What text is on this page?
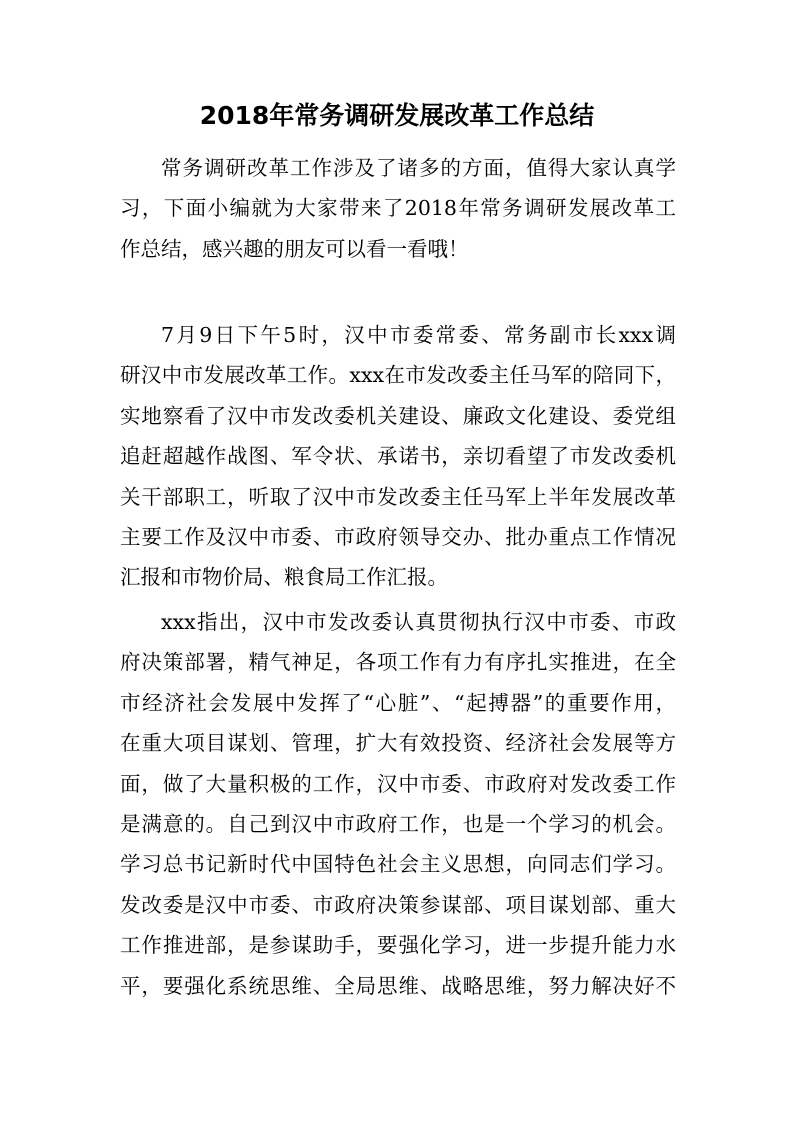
2018年常务调研发展改革工作总结
常务调研改革工作涉及了诸多的方面，值得大家认真学
习，下面小编就为大家带来了2018年常务调研发展改革工
作总结，感兴趣的朋友可以看一看哦！
7月9日下午5时，汉中市委常委、常务副市长xxx调
研汉中市发展改革工作。xxx在市发改委主任马军的陪同下，
实地察看了汉中市发改委机关建设、廉政文化建设、委党组
追赶超越作战图、军令状、承诺书，亲切看望了市发改委机
关干部职工，听取了汉中市发改委主任马军上半年发展改革
主要工作及汉中市委、市政府领导交办、批办重点工作情况
汇报和市物价局、粮食局工作汇报。
xxx指出，汉中市发改委认真贯彻执行汉中市委、市政
府决策部署，精气神足，各项工作有力有序扎实推进，在全
市经济社会发展中发挥了“心脏”、“起搏器”的重要作用，
在重大项目谋划、管理，扩大有效投资、经济社会发展等方
面，做了大量积极的工作，汉中市委、市政府对发改委工作
是满意的。自己到汉中市政府工作，也是一个学习的机会。
学习总书记新时代中国特色社会主义思想，向同志们学习。
发改委是汉中市委、市政府决策参谋部、项目谋划部、重大
工作推进部，是参谋助手，要强化学习，进一步提升能力水
平，要强化系统思维、全局思维、战略思维，努力解决好不
